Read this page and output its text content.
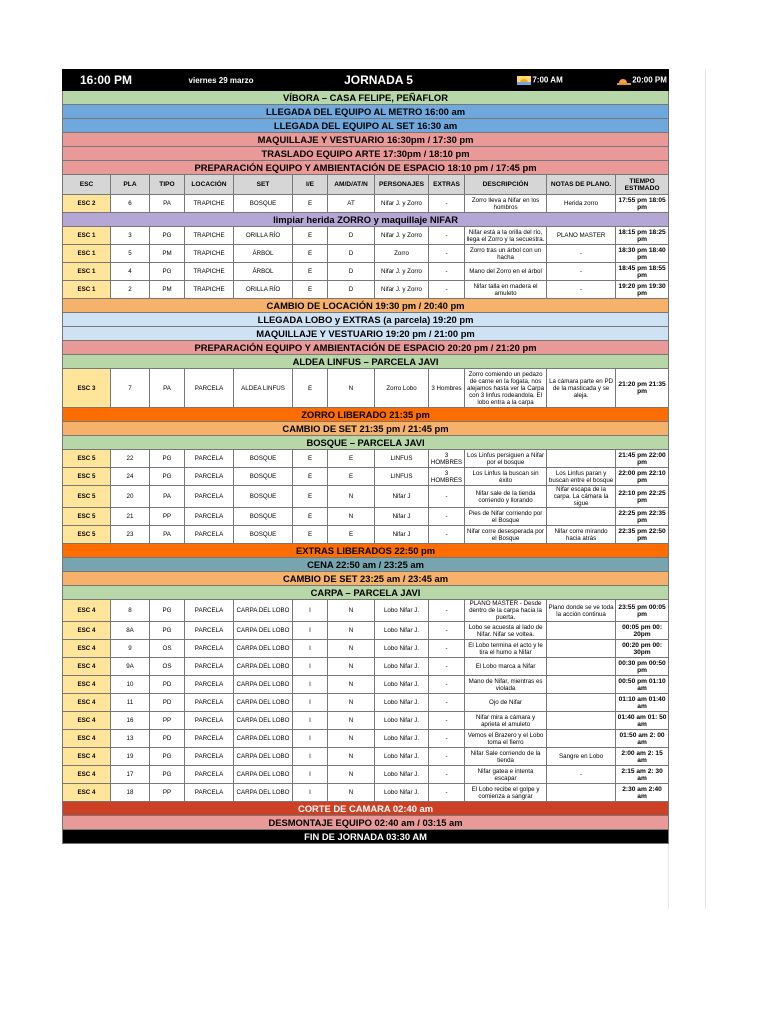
16:00 PM		viernes 29 marzo			JORNADA 5				7:00 AM		20:00 PM
VÍBORA – CASA FELIPE, PEÑAFLOR											
LLEGADA DEL EQUIPO AL METRO 16:00 am											
LLEGADA DEL EQUIPO AL SET 16:30 am											
MAQUILLAJE Y VESTUARIO 16:30pm / 17:30 pm											
TRASLADO EQUIPO ARTE 17:30pm / 18:10 pm											
PREPARACIÓN EQUIPO Y AMBIENTACIÓN DE ESPACIO 18:10 pm / 17:45 pm											
ESC	PLA	TIPO	LOCACIÓN	SET	I/E	AM/D/AT/N	PERSONAJES	EXTRAS	DESCRIPCIÓN	NOTAS DE PLANO.	TIEMPO ESTIMADO
ESC 2	6	PA	TRAPICHE	BOSQUE	E	AT	Nifar J. y Zorro	-	Zorro lleva a Nifar en los hombros	Herida zorro	17:55 pm 18:05 pm
limpiar herida ZORRO y maquillaje NIFAR											
ESC 1	3	PG	TRAPICHE	ORILLA RÍO	E	D	Nifar J. y Zorro	-	Nifar está a la orilla del río, llega el Zorro y la secuestra.	PLANO MASTER	18:15 pm 18:25 pm
ESC 1	5	PM	TRAPICHE	ÁRBOL	E	D	Zorro	-	Zorro tras un árbol con un hacha	-	18:30 pm 18:40 pm
ESC 1	4	PG	TRAPICHE	ÁRBOL	E	D	Nifar J. y Zorro	-	Mano del Zorro en el árbol	-	18:45 pm 18:55 pm
ESC 1	2	PM	TRAPICHE	ORILLA RÍO	E	D	Nifar J. y Zorro	-	Nifar talla en madera el amuleto	-	19:20 pm 19:30 pm
CAMBIO DE LOCACIÓN 19:30 pm / 20:40 pm											
LLEGADA LOBO y EXTRAS (a parcela) 19:20 pm											
MAQUILLAJE Y VESTUARIO 19:20 pm / 21:00 pm											
PREPARACIÓN EQUIPO Y AMBIENTACIÓN DE ESPACIO 20:20 pm / 21:20 pm											
ALDEA LINFUS – PARCELA JAVI											
ESC 3	7	PA	PARCELA	ALDEA LINFUS	E	N	Zorro Lobo	3 Hombres	Zorro comiendo un pedazo de carne en la fogata, nos alejamos hasta ver la Carpa con 3 linfus rodeandola. El lobo entra a la carpa	La cámara parte en PD de la masticada y se aleja.	21:20 pm 21:35 pm
ZORRO LIBERADO 21:35 pm											
CAMBIO DE SET 21:35 pm / 21:45 pm											
BOSQUE – PARCELA JAVI											
ESC 5	22	PG	PARCELA	BOSQUE	E	E	LINFUS	3 HOMBRES	Los Linfus persiguen a Nifar por el bosque		21:45 pm 22:00 pm
ESC 5	24	PG	PARCELA	BOSQUE	E	E	LINFUS	3 HOMBRES	Los Linfus la buscan sin éxito	Los Linfus paran y buscan entre el bosque	22:00 pm 22:10 pm
ESC 5	20	PA	PARCELA	BOSQUE	E	N	Nifar J	-	Nifar sale de la tienda corriendo y llorando	Nifar escapa de la carpa. La cámara la sigue	22:10 pm 22:25 pm
ESC 5	21	PP	PARCELA	BOSQUE	E	N	Nifar J	-	Pies de Nifar corriendo por el Bosque		22:25 pm 22:35 pm
ESC 5	23	PA	PARCELA	BOSQUE	E	E	Nifar J	-	Nifar corre desesperada por el Bosque	Nifar corre mirando hacia atrás	22:35 pm 22:50 pm
EXTRAS LIBERADOS 22:50 pm											
CENA 22:50 am / 23:25 am											
CAMBIO DE SET 23:25 am / 23:45 am											
CARPA – PARCELA JAVI											
ESC 4	8	PG	PARCELA	CARPA DEL LOBO	I	N	Lobo Nifar J.	-	PLANO MASTER - Desde dentro de la carpa hacia la puerta.	Plano donde se ve toda la acción continua	23:55 pm 00:05 pm
ESC 4	8A	PG	PARCELA	CARPA DEL LOBO	I	N	Lobo Nifar J.	-	Lobo se acuesta al lado de Nifar. Nifar se voltea.		00:05 pm 00: 20pm
ESC 4	9	OS	PARCELA	CARPA DEL LOBO	I	N	Lobo Nifar J.	-	El Lobo termina el acto y le tira el humo a Nifar		00:20 pm 00: 30pm
ESC 4	9A	OS	PARCELA	CARPA DEL LOBO	I	N	Lobo Nifar J.	-	El Lobo marca a Nifar		00:30 pm 00:50 pm
ESC 4	10	PD	PARCELA	CARPA DEL LOBO	I	N	Lobo Nifar J.	-	Mano de Nifar, mientras es violada		00:50 pm 01:10 am
ESC 4	11	PD	PARCELA	CARPA DEL LOBO	I	N	Lobo Nifar J.	-	Ojo de Nifar		01:10 am 01:40 am
ESC 4	16	PP	PARCELA	CARPA DEL LOBO	I	N	Lobo Nifar J.	-	Nifar mira a cámara y aprieta el amuleto		01:40 am 01: 50 am
ESC 4	13	PD	PARCELA	CARPA DEL LOBO	I	N	Lobo Nifar J.	-	Vemos el Brazero y el Lobo toma el fierro		01:50 am 2: 00 am
ESC 4	19	PG	PARCELA	CARPA DEL LOBO	I	N	Lobo Nifar J.	-	Nifar Sale corriendo de la tienda	Sangre en Lobo	2:00 am 2: 15 am
ESC 4	17	PG	PARCELA	CARPA DEL LOBO	I	N	Lobo Nifar J.	-	Nifar gatea e intenta escapar	-	2:15 am 2: 30 am
ESC 4	18	PP	PARCELA	CARPA DEL LOBO	I	N	Lobo Nifar J.	-	El Lobo recibe el golpe y comienza a sangrar		2:30 am 2:40 am
CORTE DE CAMARA 02:40 am											
DESMONTAJE EQUIPO 02:40 am / 03:15 am											
FIN DE JORNADA 03:30 AM											
